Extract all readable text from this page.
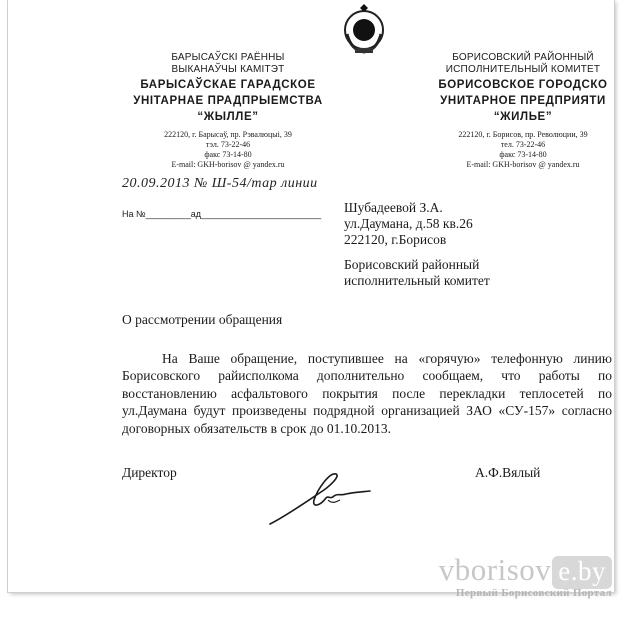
БАРЫСАЎСКІ РАЁННЫ
ВЫКАНАЎЧЫ КАМІТЭТ
БАРЫСАЎСКАЕ ГАРАДСКОЕ
УНІТАРНАЕ ПРАДПРЫЕМСТВА
“ЖЫЛЛЕ”
222120, г. Барысаў, пр. Рэвалюцыі, 39
тэл. 73-22-46
факс 73-14-80
E-mail: GKH-borisov @ yandex.ru
БОРИСОВСКИЙ РАЙОННЫЙ
ИСПОЛНИТЕЛЬНЫЙ КОМИТЕТ
БОРИСОВСКОЕ ГОРОДСКО
УНИТАРНОЕ ПРЕДПРИЯТИ
“ЖИЛЬЕ”
222120, г. Борисов, пр. Революции, 39
тел. 73-22-46
факс 73-14-80
E-mail: GKH-borisov @ yandex.ru
20.09.2013 № Ш-54/тар линии
На №_________ад________________________ Шубадеевой З.А.
ул.Даумана, д.58 кв.26
222120, г.Борисов
Борисовский районный
исполнительный комитет
О рассмотрении обращения

На Ваше обращение, поступившее на «горячую» телефонную линию Борисовского райисполкома дополнительно сообщаем, что работы по восстановлению асфальтового покрытия после перекладки теплосетей по ул.Даумана будут произведены подрядной организацией ЗАО «СУ-157» согласно договорных обязательств в срок до 01.10.2013.

Директор	А.Ф.Вялый
vborisov e.by
Первый Борисовский Портал
